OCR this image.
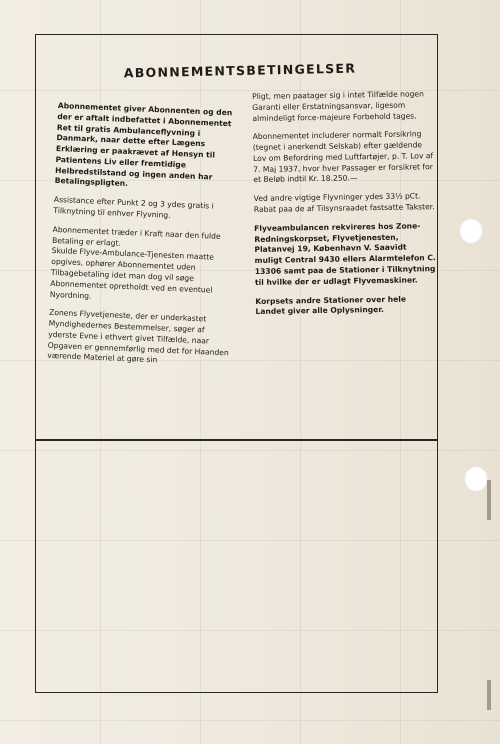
ABONNEMENTSBETINGELSER

Abonnementet giver Abonnenten og den der er aftalt indbefattet i Abonnementet Ret til gratis Ambulanceflyvning i Danmark, naar dette efter Lægens Erklæring er paakrævet af Hensyn til Patientens Liv eller fremtidige Helbredstilstand og ingen anden har Betalingspligten.

Assistance efter Punkt 2 og 3 ydes gratis i Tilknytning til enhver Flyvning.

Abonnementet træder i Kraft naar den fulde Betaling er erlagt.

Skulde Flyve-Ambulance-Tjenesten maatte opgives, ophører Abonnementet uden Tilbagebetaling idet man dog vil søge Abonnementet opretholdt ved en eventuel Nyordning.

Zonens Flyvetjeneste, der er underkastet Myndighedernes Bestemmelser, søger af yderste Evne i ethvert givet Tilfælde, naar Opgaven er gennemførlig med det for Haanden værende Materiel at gøre sin

Pligt, men paatager sig i intet Tilfælde nogen Garanti eller Erstatningsansvar, ligesom almindeligt force-majeure Forbehold tages.

Abonnementet includerer normalt Forsikring (tegnet i anerkendt Selskab) efter gældende Lov om Befordring med Luftfartøjer, p. T. Lov af 7. Maj 1937, hvor hver Passager er forsikret for et Beløb indtil Kr. 18.250.—

Ved andre vigtige Flyvninger ydes 33⅓ pCt. Rabat paa de af Tilsynsraadet fastsatte Takster.

Flyveambulancen rekvireres hos Zone-Redningskorpset, Flyvetjenesten, Platanvej 19, København V. Saavidt muligt Central 9430 ellers Alarmtelefon C. 13306 samt paa de Stationer i Tilknytning til hvilke der er udlagt Flyvemaskiner.

Korpsets andre Stationer over hele Landet giver alle Oplysninger.
